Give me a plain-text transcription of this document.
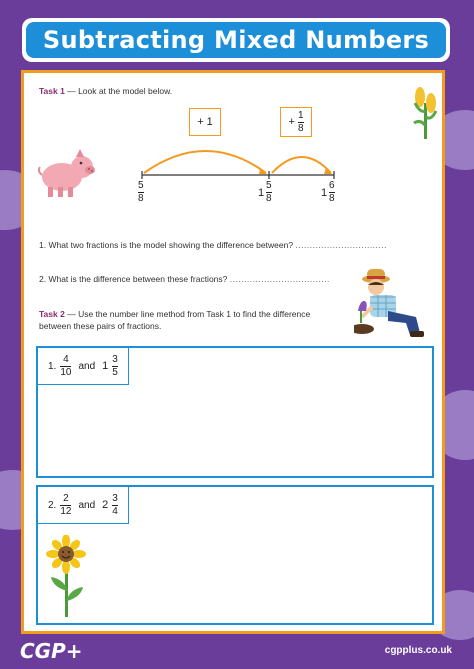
Subtracting Mixed Numbers
Task 1 — Look at the model below.
+ 1	+
1
8
5
8	1
5
8	1
6
8
1. What two fractions is the model showing the difference between? ................................
2. What is the difference between these fractions? ...................................
Task 2 — Use the number line method from Task 1 to find the difference
between these pairs of fractions.
1.
4
10
and 1
3
5
2.
2
12
and 2
3
4
CGP+	cgpplus.co.uk
